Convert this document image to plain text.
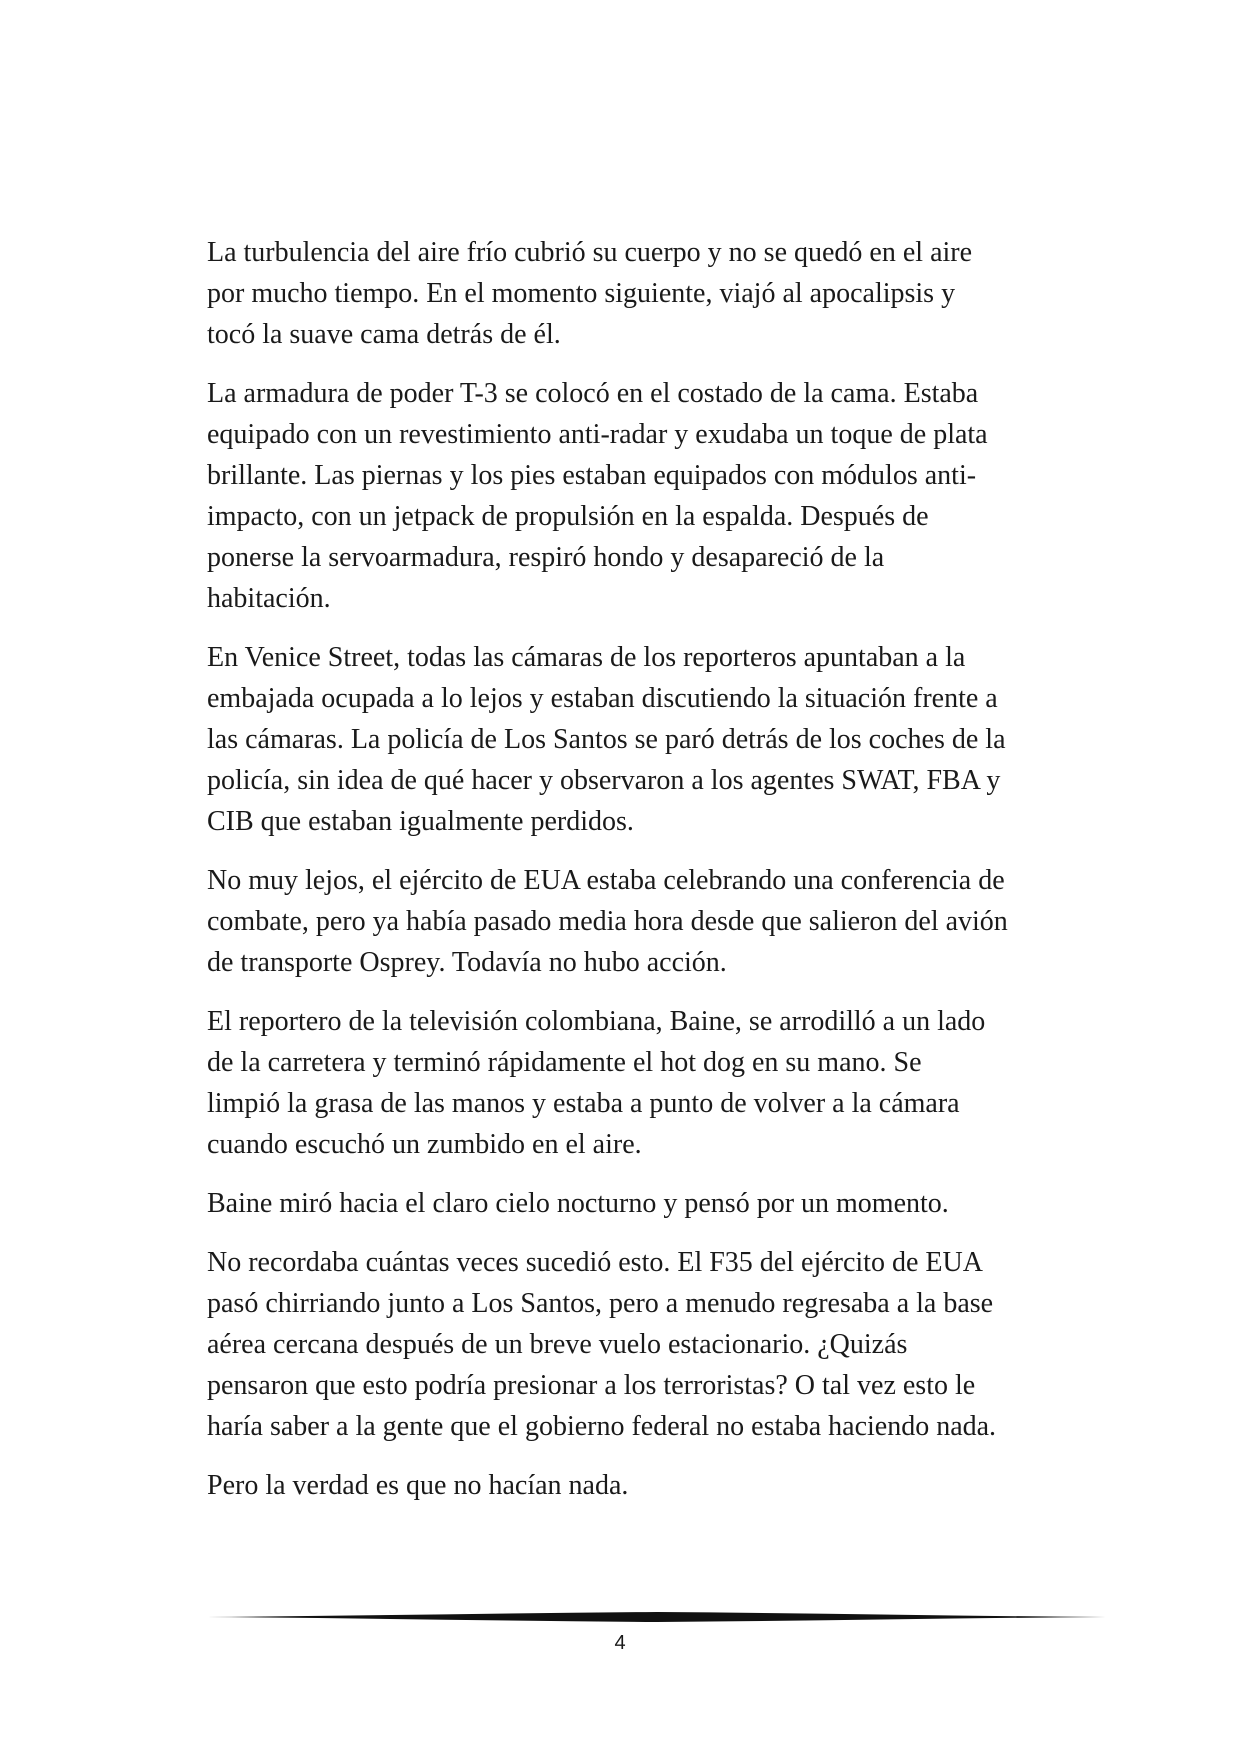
La turbulencia del aire frío cubrió su cuerpo y no se quedó en el aire
por mucho tiempo. En el momento siguiente, viajó al apocalipsis y
tocó la suave cama detrás de él.

La armadura de poder T-3 se colocó en el costado de la cama. Estaba
equipado con un revestimiento anti-radar y exudaba un toque de plata
brillante. Las piernas y los pies estaban equipados con módulos anti-
impacto, con un jetpack de propulsión en la espalda. Después de
ponerse la servoarmadura, respiró hondo y desapareció de la
habitación.

En Venice Street, todas las cámaras de los reporteros apuntaban a la
embajada ocupada a lo lejos y estaban discutiendo la situación frente a
las cámaras. La policía de Los Santos se paró detrás de los coches de la
policía, sin idea de qué hacer y observaron a los agentes SWAT, FBA y
CIB que estaban igualmente perdidos.

No muy lejos, el ejército de EUA estaba celebrando una conferencia de
combate, pero ya había pasado media hora desde que salieron del avión
de transporte Osprey. Todavía no hubo acción.

El reportero de la televisión colombiana, Baine, se arrodilló a un lado
de la carretera y terminó rápidamente el hot dog en su mano. Se
limpió la grasa de las manos y estaba a punto de volver a la cámara
cuando escuchó un zumbido en el aire.

Baine miró hacia el claro cielo nocturno y pensó por un momento.

No recordaba cuántas veces sucedió esto. El F35 del ejército de EUA
pasó chirriando junto a Los Santos, pero a menudo regresaba a la base
aérea cercana después de un breve vuelo estacionario. ¿Quizás
pensaron que esto podría presionar a los terroristas? O tal vez esto le
haría saber a la gente que el gobierno federal no estaba haciendo nada.

Pero la verdad es que no hacían nada.

4
